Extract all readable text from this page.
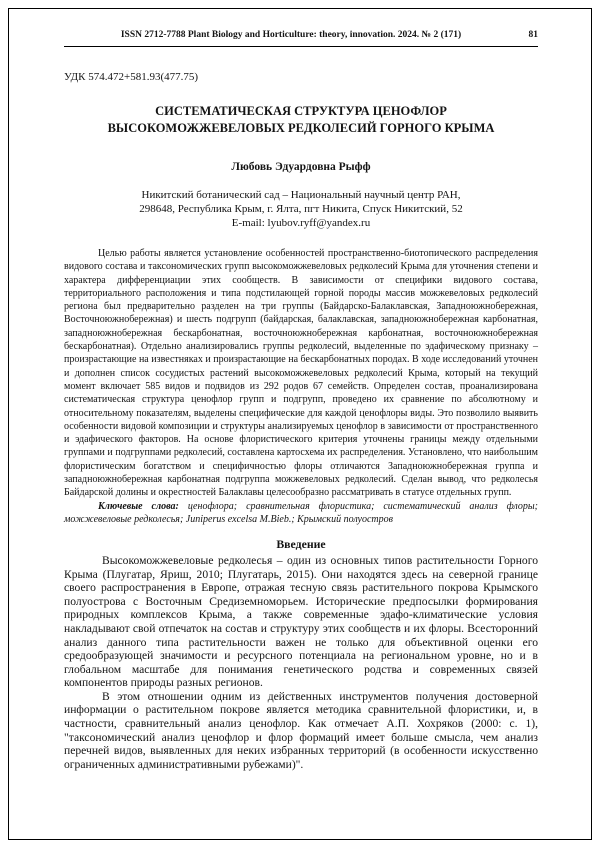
ISSN 2712-7788 Plant Biology and Horticulture: theory, innovation. 2024. № 2 (171)	81
УДК 574.472+581.93(477.75)
СИСТЕМАТИЧЕСКАЯ СТРУКТУРА ЦЕНОФЛОР
ВЫСОКОМОЖЖЕВЕЛОВЫХ РЕДКОЛЕСИЙ ГОРНОГО КРЫМА
Любовь Эдуардовна Рыфф
Никитский ботанический сад – Национальный научный центр РАН,
298648, Республика Крым, г. Ялта, пгт Никита, Спуск Никитский, 52
E-mail: lyubov.ryff@yandex.ru

Целью работы является установление особенностей пространственно-биотопического распределения видового состава и таксономических групп высокоможжевеловых редколесий Крыма для уточнения степени и характера дифференциации этих сообществ. В зависимости от специфики видового состава, территориального расположения и типа подстилающей горной породы массив можжевеловых редколесий региона был предварительно разделен на три группы (Байдарско-Балаклавская, Западноюжнобережная, Восточноюжнобережная) и шесть подгрупп (байдарская, балаклавская, западноюжнобережная карбонатная, западноюжнобережная бескарбонатная, восточноюжнобережная карбонатная, восточноюжнобережная бескарбонатная). Отдельно анализировались группы редколесий, выделенные по эдафическому признаку – произрастающие на известняках и произрастающие на бескарбонатных породах. В ходе исследований уточнен и дополнен список сосудистых растений высокоможжевеловых редколесий Крыма, который на текущий момент включает 585 видов и подвидов из 292 родов 67 семейств. Определен состав, проанализирована систематическая структура ценофлор групп и подгрупп, проведено их сравнение по абсолютному и относительному показателям, выделены специфические для каждой ценофлоры виды. Это позволило выявить особенности видовой композиции и структуры анализируемых ценофлор в зависимости от пространственного и эдафического факторов. На основе флористического критерия уточнены границы между отдельными группами и подгруппами редколесий, составлена картосхема их распределения. Установлено, что наибольшим флористическим богатством и специфичностью флоры отличаются Западноюжнобережная группа и западноюжнобережная карбонатная подгруппа можжевеловых редколесий. Сделан вывод, что редколесья Байдарской долины и окрестностей Балаклавы целесообразно рассматривать в статусе отдельных групп.

Ключевые слова: ценофлора; сравнительная флористика; систематический анализ флоры; можжевеловые редколесья; Juniperus excelsa M.Bieb.; Крымский полуостров

Введение

Высокоможжевеловые редколесья – один из основных типов растительности Горного Крыма (Плугатар, Яриш, 2010; Плугатарь, 2015). Они находятся здесь на северной границе своего распространения в Европе, отражая тесную связь растительного покрова Крымского полуострова с Восточным Средиземноморьем. Исторические предпосылки формирования природных комплексов Крыма, а также современные эдафо-климатические условия накладывают свой отпечаток на состав и структуру этих сообществ и их флоры. Всесторонний анализ данного типа растительности важен не только для объективной оценки его средообразующей значимости и ресурсного потенциала на региональном уровне, но и в глобальном масштабе для понимания генетического родства и современных связей компонентов природы разных регионов.

В этом отношении одним из действенных инструментов получения достоверной информации о растительном покрове является методика сравнительной флористики, и, в частности, сравнительный анализ ценофлор. Как отмечает А.П. Хохряков (2000: с. 1), "таксономический анализ ценофлор и флор формаций имеет больше смысла, чем анализ перечней видов, выявленных для неких избранных территорий (в особенности искусственно ограниченных административными рубежами)".
